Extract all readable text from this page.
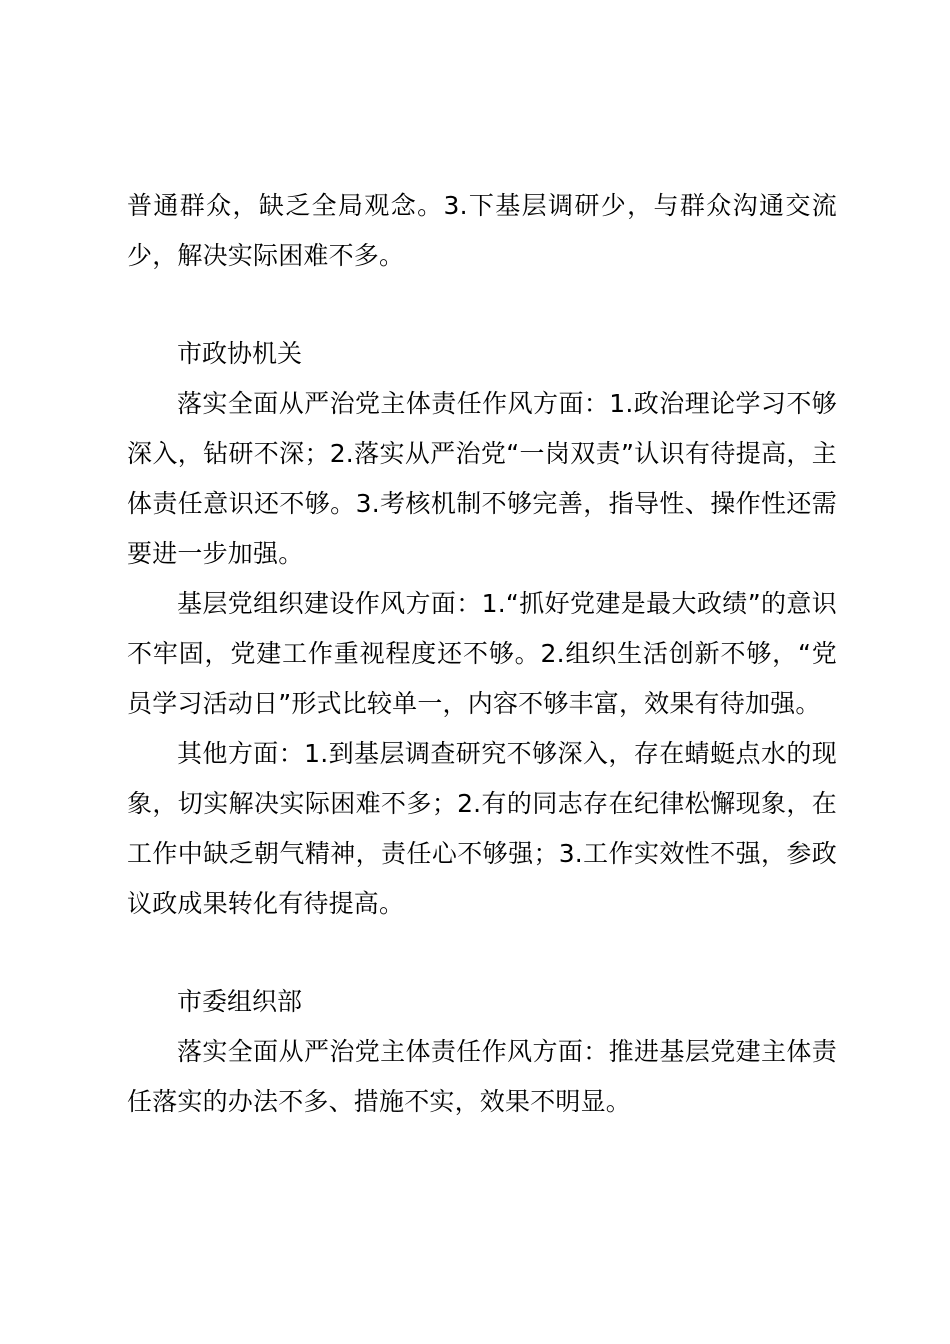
普通群众，缺乏全局观念。3.下基层调研少，与群众沟通交流少，解决实际困难不多。

市政协机关

落实全面从严治党主体责任作风方面：1.政治理论学习不够深入，钻研不深；2.落实从严治党“一岗双责”认识有待提高，主体责任意识还不够。3.考核机制不够完善，指导性、操作性还需要进一步加强。

基层党组织建设作风方面：1.“抓好党建是最大政绩”的意识不牢固，党建工作重视程度还不够。2.组织生活创新不够，“党员学习活动日”形式比较单一，内容不够丰富，效果有待加强。

其他方面：1.到基层调查研究不够深入，存在蜻蜓点水的现象，切实解决实际困难不多；2.有的同志存在纪律松懈现象，在工作中缺乏朝气精神，责任心不够强；3.工作实效性不强，参政议政成果转化有待提高。

市委组织部

落实全面从严治党主体责任作风方面：推进基层党建主体责任落实的办法不多、措施不实，效果不明显。
